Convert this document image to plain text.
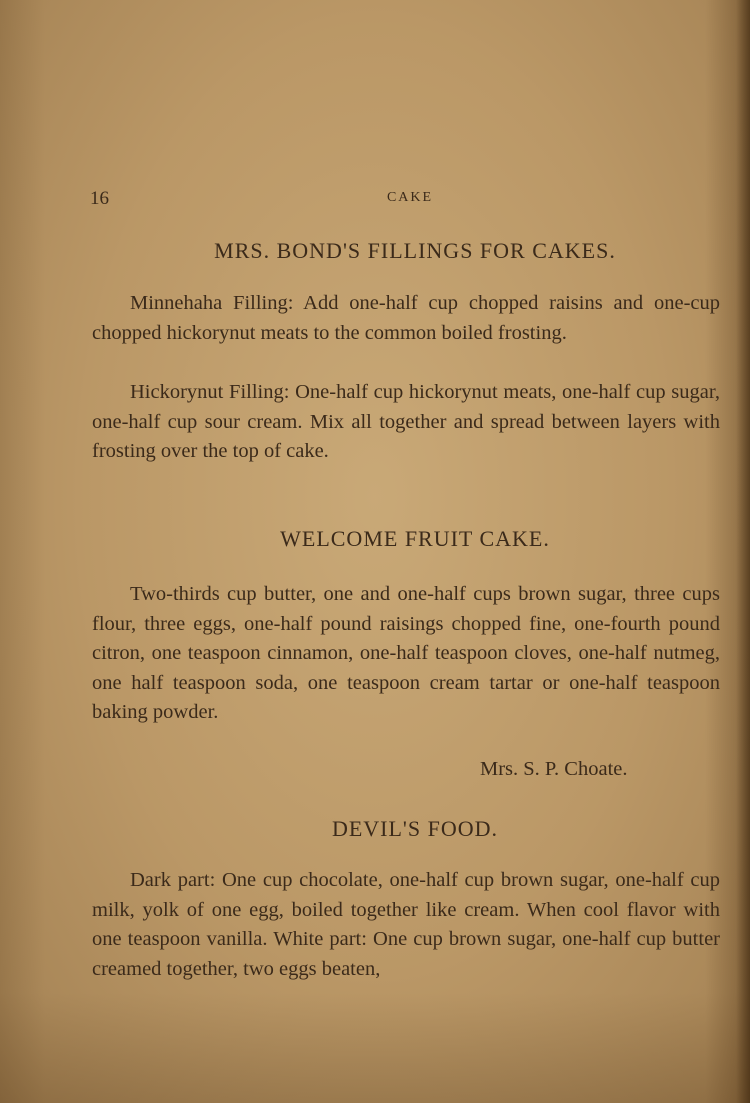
16	CAKE
MRS. BOND'S FILLINGS FOR CAKES.
Minnehaha Filling: Add one-half cup chopped raisins and one-cup chopped hickorynut meats to the common boiled frosting.
Hickorynut Filling: One-half cup hickorynut meats, one-half cup sugar, one-half cup sour cream. Mix all together and spread between layers with frosting over the top of cake.
WELCOME FRUIT CAKE.
Two-thirds cup butter, one and one-half cups brown sugar, three cups flour, three eggs, one-half pound raisings chopped fine, one-fourth pound citron, one teaspoon cinnamon, one-half teaspoon cloves, one-half nutmeg, one half teaspoon soda, one teaspoon cream tartar or one-half teaspoon baking powder.
Mrs. S. P. Choate.
DEVIL'S FOOD.
Dark part: One cup chocolate, one-half cup brown sugar, one-half cup milk, yolk of one egg, boiled together like cream. When cool flavor with one teaspoon vanilla. White part: One cup brown sugar, one-half cup butter creamed together, two eggs beaten,
